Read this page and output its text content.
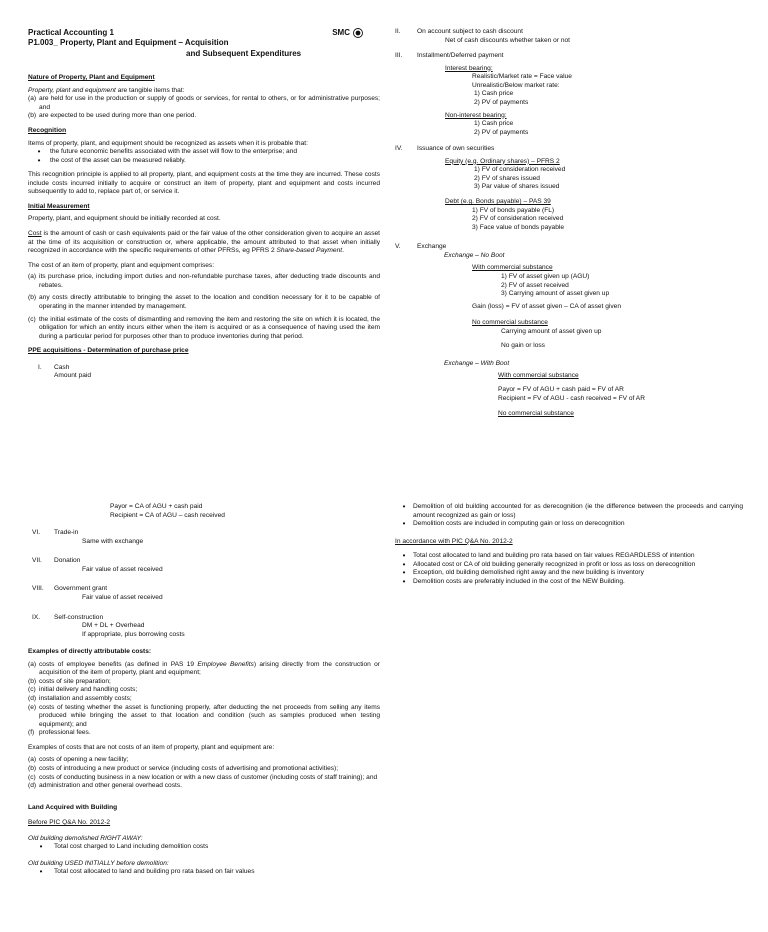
Practical Accounting 1	SMC
P1.003_ Property, Plant and Equipment – Acquisition
and Subsequent Expenditures
Nature of Property, Plant and Equipment

Property, plant and equipment are tangible items that:

(a) are held for use in the production or supply of goods or services, for rental to others, or for administrative purposes; and
(b) are expected to be used during more than one period.
Recognition

Items of property, plant, and equipment should be recognized as assets when it is probable that:

•	the future economic benefits associated with the asset will flow to the enterprise; and
•	the cost of the asset can be measured reliably.

This recognition principle is applied to all property, plant, and equipment costs at the time they are incurred. These costs include costs incurred initially to acquire or construct an item of property, plant and equipment and costs incurred subsequently to add to, replace part of, or service it.

Initial Measurement

Property, plant, and equipment should be initially recorded at cost.

Cost is the amount of cash or cash equivalents paid or the fair value of the other consideration given to acquire an asset at the time of its acquisition or construction or, where applicable, the amount attributed to that asset when initially recognized in accordance with the specific requirements of other PFRSs, eg PFRS 2 Share-based Payment.

The cost of an item of property, plant and equipment comprises:

(a) its purchase price, including import duties and non-refundable purchase taxes, after deducting trade discounts and rebates.
(b) any costs directly attributable to bringing the asset to the location and condition necessary for it to be capable of operating in the manner intended by management.
(c) the initial estimate of the costs of dismantling and removing the item and restoring the site on which it is located, the obligation for which an entity incurs either when the item is acquired or as a consequence of having used the item during a particular period for purposes other than to produce inventories during that period.
PPE acquisitions - Determination of purchase price
I.	Cash
Amount paid
II.	On account subject to cash discount
Net of cash discounts whether taken or not
III.	Installment/Deferred payment
Interest bearing:
Realistic/Market rate = Face value
Unrealistic/Below market rate:
1) Cash price
2) PV of payments
Non-interest bearing:
1) Cash price
2) PV of payments
IV.	Issuance of own securities
Equity (e.g. Ordinary shares) – PFRS 2
1) FV of consideration received
2) FV of shares issued
3) Par value of shares issued
Debt (e.g. Bonds payable) – PAS 39
1) FV of bonds payable (FL)
2) FV of consideration received
3) Face value of bonds payable
V.	Exchange
Exchange – No Boot
With commercial substance
1) FV of asset given up (AGU)
2) FV of asset received
3) Carrying amount of asset given up
Gain (loss) = FV of asset given – CA of asset given
No commercial substance
Carrying amount of asset given up
No gain or loss
Exchange – With Boot
With commercial substance
Payor = FV of AGU + cash paid = FV of AR
Recipient = FV of AGU - cash received = FV of AR
No commercial substance
Payor = CA of AGU + cash paid
Recipient = CA of AGU – cash received
VI.	Trade-in
Same with exchange
VII.	Donation
Fair value of asset received
VIII.	Government grant
Fair value of asset received
IX.	Self-construction
DM + DL + Overhead
If appropriate, plus borrowing costs
Examples of directly attributable costs:
(a) costs of employee benefits (as defined in PAS 19 Employee Benefits) arising directly from the construction or acquisition of the item of property, plant and equipment;
(b) costs of site preparation;
(c) initial delivery and handling costs;
(d) installation and assembly costs;
(e) costs of testing whether the asset is functioning properly, after deducting the net proceeds from selling any items produced while bringing the asset to that location and condition (such as samples produced when testing equipment); and
(f) professional fees.

Examples of costs that are not costs of an item of property, plant and equipment are:

(a) costs of opening a new facility;
(b) costs of introducing a new product or service (including costs of advertising and promotional activities);
(c) costs of conducting business in a new location or with a new class of customer (including costs of staff training); and
(d) administration and other general overhead costs.
Land Acquired with Building
Before PIC Q&A No. 2012-2
Old building demolished RIGHT AWAY:
•	Total cost charged to Land including demolition costs
Old building USED INITIALLY before demolition:
•	Total cost allocated to land and building pro rata based on fair values
•	Demolition of old building accounted for as derecognition (ie the difference between the proceeds and carrying amount recognized as gain or loss)
•	Demolition costs are included in computing gain or loss on derecognition
In accordance with PIC Q&A No. 2012-2
•	Total cost allocated to land and building pro rata based on fair values REGARDLESS of intention
•	Allocated cost or CA of old building generally recognized in profit or loss as loss on derecognition
•	Exception, old building demolished right away and the new building is inventory
•	Demolition costs are preferably included in the cost of the NEW Building.
